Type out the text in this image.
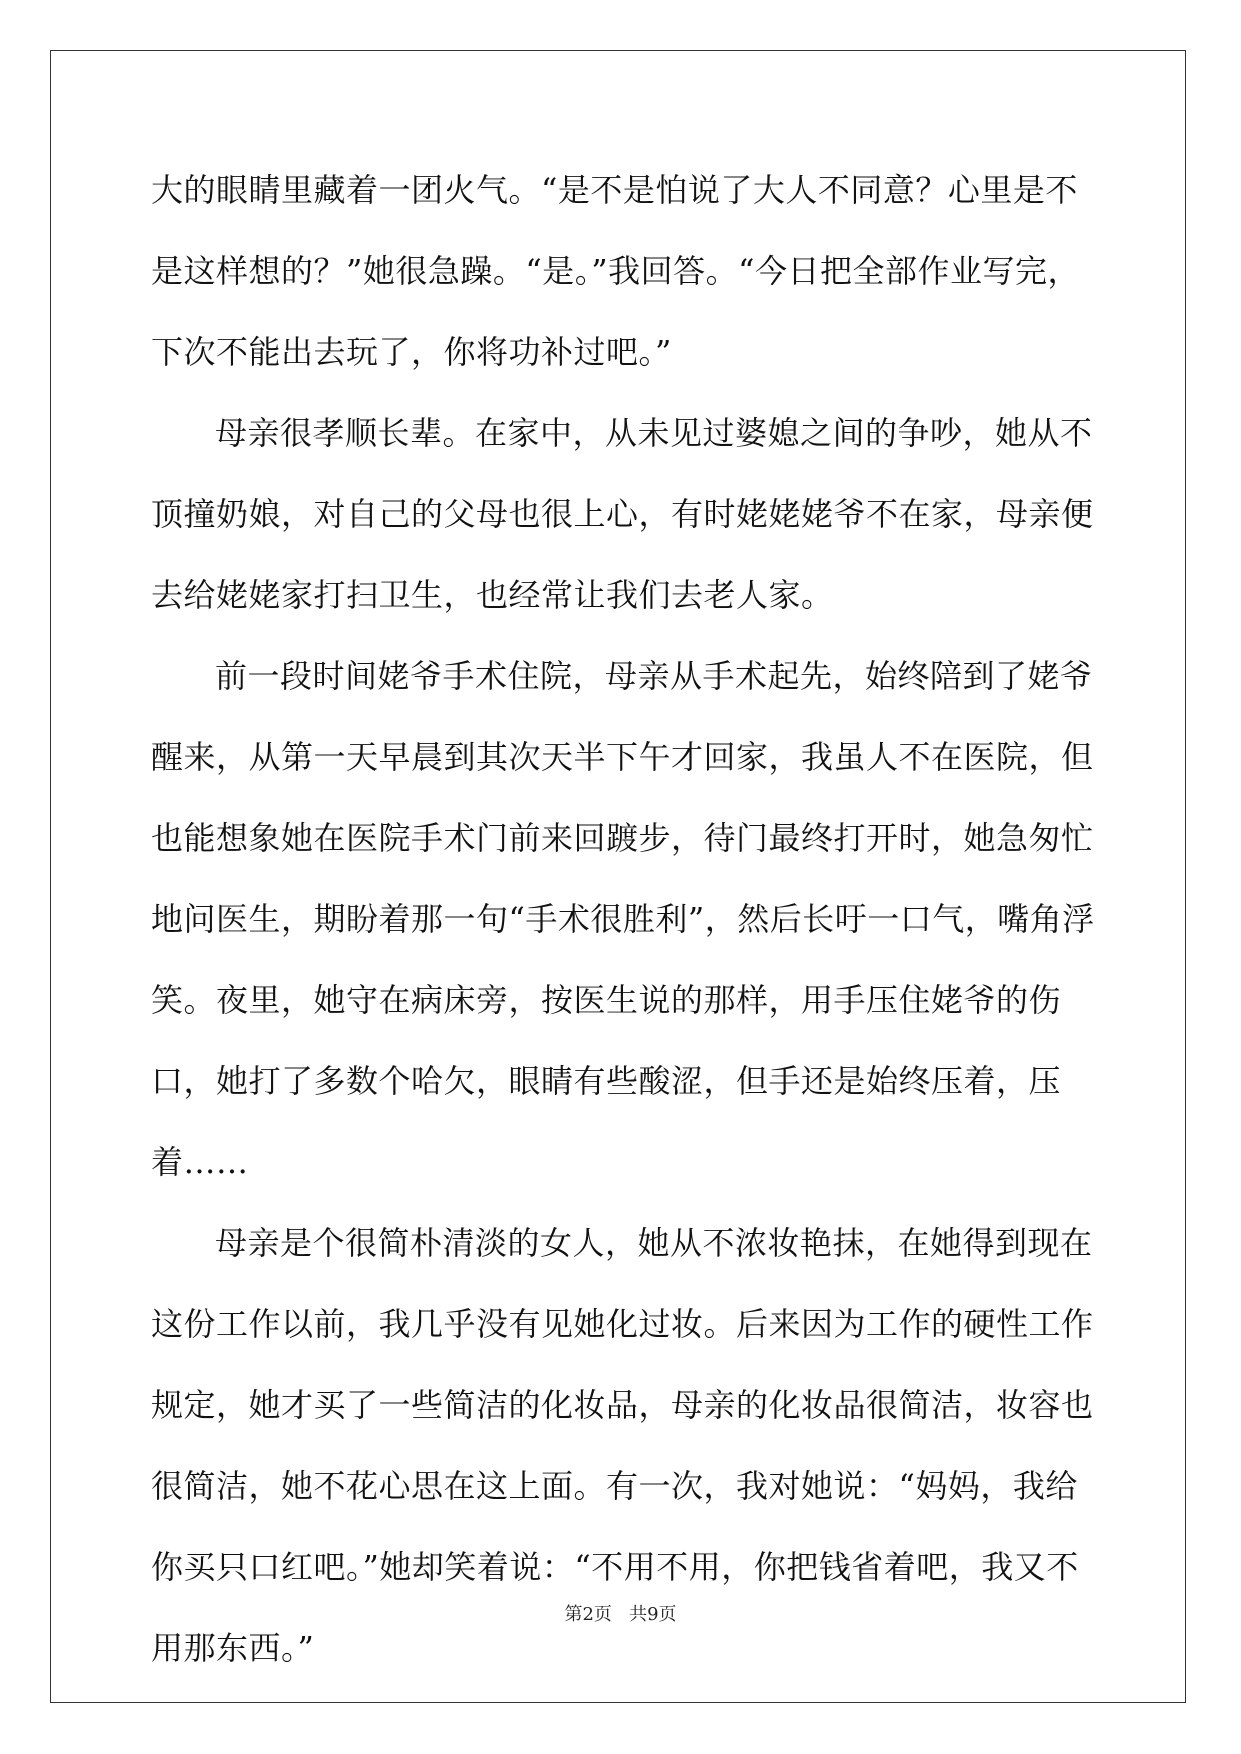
大的眼睛里藏着一团火气。“是不是怕说了大人不同意？心里是不是这样想的？”她很急躁。“是。”我回答。“今日把全部作业写完，下次不能出去玩了，你将功补过吧。”

母亲很孝顺长辈。在家中，从未见过婆媳之间的争吵，她从不顶撞奶娘，对自己的父母也很上心，有时姥姥姥爷不在家，母亲便去给姥姥家打扫卫生，也经常让我们去老人家。

前一段时间姥爷手术住院，母亲从手术起先，始终陪到了姥爷醒来，从第一天早晨到其次天半下午才回家，我虽人不在医院，但也能想象她在医院手术门前来回踱步，待门最终打开时，她急匆忙地问医生，期盼着那一句“手术很胜利”，然后长吁一口气，嘴角浮笑。夜里，她守在病床旁，按医生说的那样，用手压住姥爷的伤口，她打了多数个哈欠，眼睛有些酸涩，但手还是始终压着，压着……

母亲是个很简朴清淡的女人，她从不浓妆艳抹，在她得到现在这份工作以前，我几乎没有见她化过妆。后来因为工作的硬性工作规定，她才买了一些简洁的化妆品，母亲的化妆品很简洁，妆容也很简洁，她不花心思在这上面。有一次，我对她说：“妈妈，我给你买只口红吧。”她却笑着说：“不用不用，你把钱省着吧，我又不用那东西。”

第2页 共9页
